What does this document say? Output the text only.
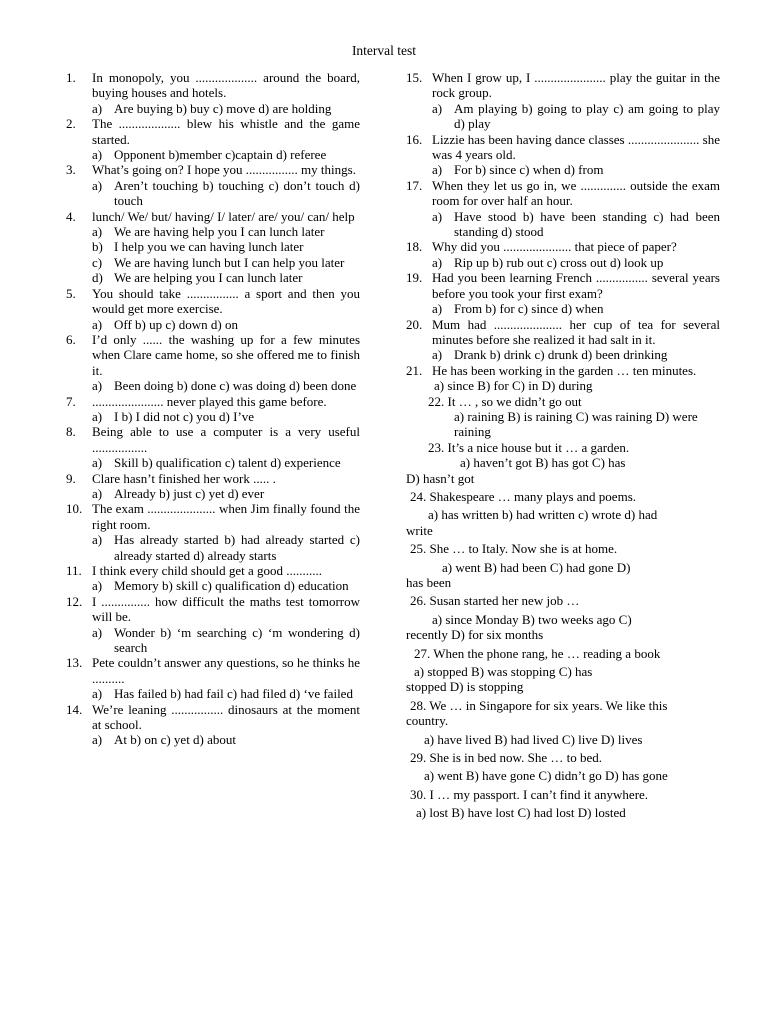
Interval test
1. In monopoly, you ................... around the board, buying houses and hotels.
a) Are buying b) buy c) move d) are holding
2. The ................... blew his whistle and the game started.
a) Opponent b)member c)captain d) referee
3. What’s going on? I hope you ................ my things.
a) Aren’t touching b) touching c) don’t touch d) touch
4. lunch/ We/ but/ having/ I/ later/ are/ you/ can/ help
a) We are having help you I can lunch later
b) I help you we can having lunch later
c) We are having lunch but I can help you later
d) We are helping you I can lunch later
5. You should take ................ a sport and then you would get more exercise.
a) Off b) up c) down d) on
6. I’d only ...... the washing up for a few minutes when Clare came home, so she offered me to finish it.
a) Been doing b) done c) was doing d) been done
7. ...................... never played this game before.
a) I b) I did not c) you d) I’ve
8. Being able to use a computer is a very useful .................
a) Skill b) qualification c) talent d) experience
9. Clare hasn’t finished her work ..... .
a) Already b) just c) yet d) ever
10. The exam ..................... when Jim finally found the right room.
a) Has already started b) had already started c) already started d) already starts
11. I think every child should get a good ...........
a) Memory b) skill c) qualification d) education
12. I ............... how difficult the maths test tomorrow will be.
a) Wonder b) ‘m searching c) ‘m wondering d) search
13. Pete couldn’t answer any questions, so he thinks he ..........
a) Has failed b) had fail c) had filed d) ‘ve failed
14. We’re leaning ................ dinosaurs at the moment at school.
a) At b) on c) yet d) about
15. When I grow up, I ...................... play the guitar in the rock group.
a) Am playing b) going to play c) am going to play d) play
16. Lizzie has been having dance classes ...................... she was 4 years old.
a) For b) since c) when d) from
17. When they let us go in, we .............. outside the exam room for over half an hour.
a) Have stood b) have been standing c) had been standing d) stood
18. Why did you ..................... that piece of paper?
a) Rip up b) rub out c) cross out d) look up
19. Had you been learning French ................ several years before you took your first exam?
a) From b) for c) since d) when
20. Mum had ..................... her cup of tea for several minutes before she realized it had salt in it.
a) Drank b) drink c) drunk d) been drinking
21. He has been working in the garden … ten minutes.
a) since B) for C) in D) during
22. It … , so we didn’t go out
a) raining B) is raining C) was raining D) were raining
23. It’s a nice house but it … a garden.
a) haven’t got B) has got C) has
D) hasn’t got
24. Shakespeare … many plays and poems.
a) has written b) had written c) wrote d) had
write
25. She … to Italy. Now she is at home.
a) went B) had been C) had gone D)
has been
26. Susan started her new job …
a) since Monday B) two weeks ago C)
recently D) for six months
27. When the phone rang, he … reading a book
a) stopped B) was stopping C) has
stopped D) is stopping
28. We … in Singapore for six years. We like this
country.
a) have lived B) had lived C) live D) lives
29. She is in bed now. She … to bed.
a) went B) have gone C) didn’t go D) has gone
30. I … my passport. I can’t find it anywhere.
a) lost B) have lost C) had lost D) losted
